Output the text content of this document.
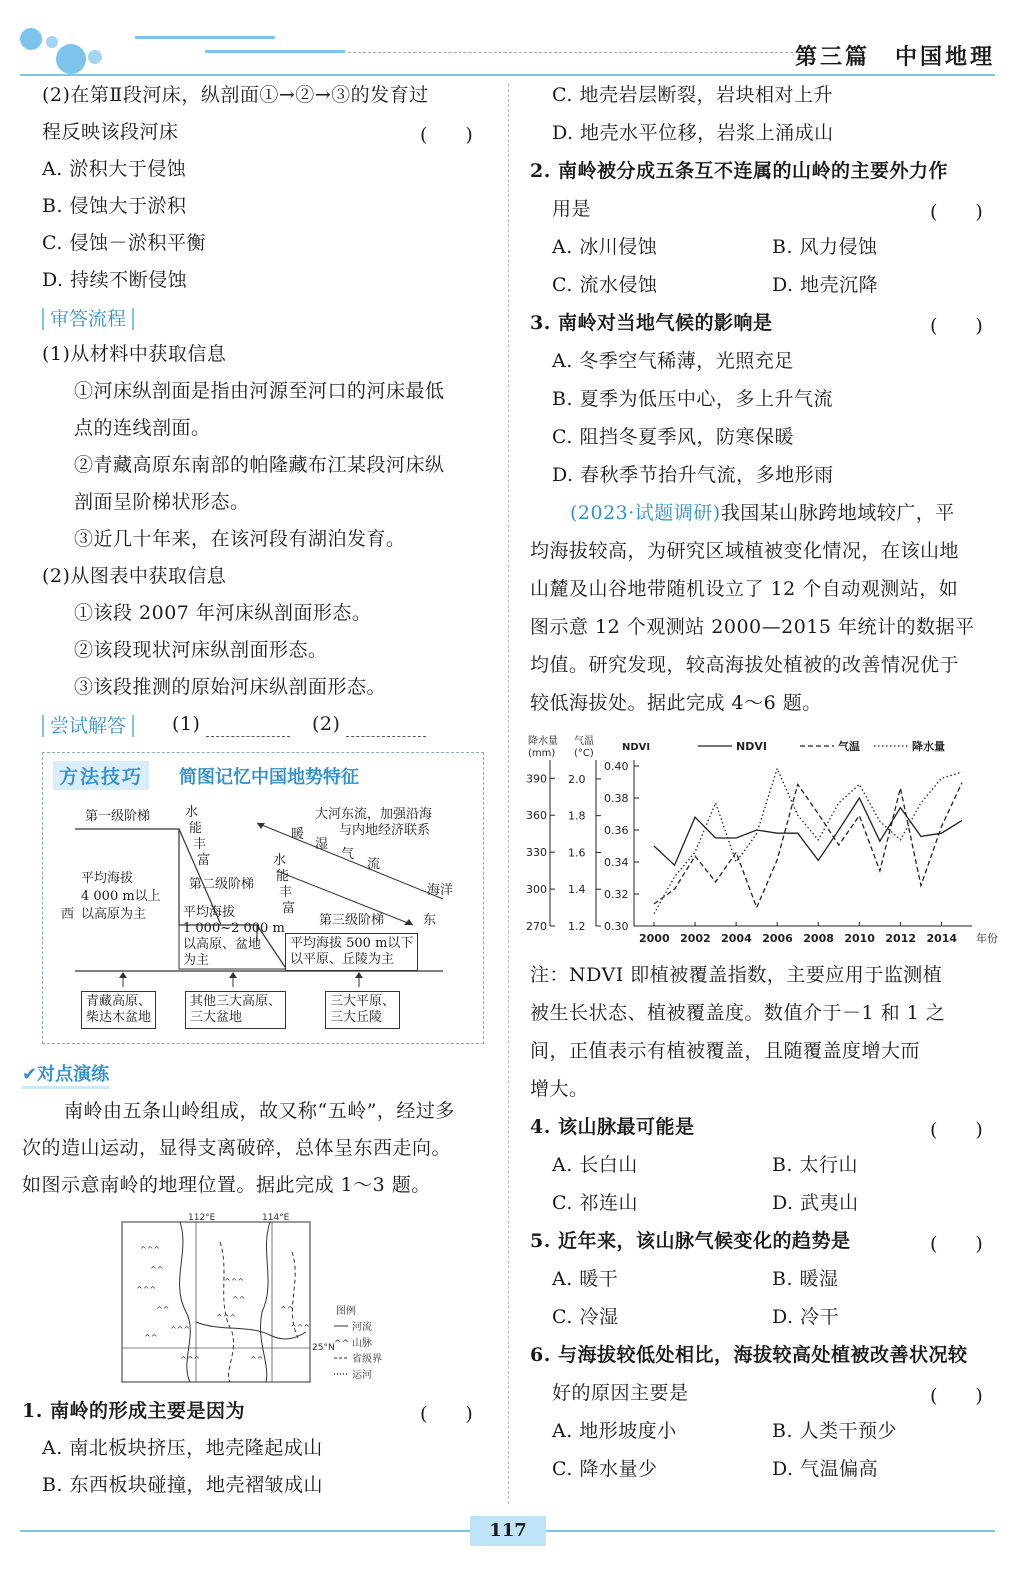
第三篇　中国地理
(2)在第Ⅱ段河床，纵剖面①→②→③的发育过
程反映该段河床	(　　)
A. 淤积大于侵蚀
B. 侵蚀大于淤积
C. 侵蚀－淤积平衡
D. 持续不断侵蚀
审答流程
(1)从材料中获取信息
①河床纵剖面是指由河源至河口的河床最低
点的连线剖面。
②青藏高原东南部的帕隆藏布江某段河床纵
剖面呈阶梯状形态。
③近几十年来，在该河段有湖泊发育。
(2)从图表中获取信息
①该段 2007 年河床纵剖面形态。
②该段现状河床纵剖面形态。
③该段推测的原始河床纵剖面形态。
尝试解答	(1)	(2)
方法技巧	简图记忆中国地势特征
第一级阶梯
平均海拔
4 000 m以上
西 以高原为主
水
能
丰
富
第二级阶梯
平均海拔
1 000~2 000 m
以高原、盆地
为主
水
能
丰
富
大河东流，加强沿海
与内地经济联系
暖
湿
气
流
海洋
第三级阶梯	东
平均海拔 500 m以下
以平原、丘陵为主
青藏高原、
柴达木盆地
其他三大高原、
三大盆地
三大平原、
三大丘陵
✔对点演练
南岭由五条山岭组成，故又称“五岭”，经过多
次的造山运动，显得支离破碎，总体呈东西走向。
如图示意南岭的地理位置。据此完成 1～3 题。
^^^
^^
^^^
^^
^^^
^^
^^^
^^
^^^
^^
^^^
^^
^^^
112°E	114°E
25°N
图例
河流
^^ 山脉
省级界
运河
1. 南岭的形成主要是因为	(　　)
A. 南北板块挤压，地壳隆起成山
B. 东西板块碰撞，地壳褶皱成山
C. 地壳岩层断裂，岩块相对上升
D. 地壳水平位移，岩浆上涌成山
2. 南岭被分成五条互不连属的山岭的主要外力作
用是	(　　)
A. 冰川侵蚀	B. 风力侵蚀
C. 流水侵蚀	D. 地壳沉降
3. 南岭对当地气候的影响是	(　　)
A. 冬季空气稀薄，光照充足
B. 夏季为低压中心，多上升气流
C. 阻挡冬夏季风，防寒保暖
D. 春秋季节抬升气流，多地形雨
(2023·试题调研)我国某山脉跨地域较广，平
均海拔较高，为研究区域植被变化情况，在该山地
山麓及山谷地带随机设立了 12 个自动观测站，如
图示意 12 个观测站 2000—2015 年统计的数据平
均值。研究发现，较高海拔处植被的改善情况优于
较低海拔处。据此完成 4～6 题。
降水量
(mm)
气温
(°C)
NDVI
270
300
330
360
390
1.2
1.4
1.6
1.8
2.0
0.30
0.32
0.34
0.36
0.38
0.40
2000 2002 2004 2006 2008 2010 2012 2014 年份
NDVI	气温	降水量
注：NDVI 即植被覆盖指数，主要应用于监测植
被生长状态、植被覆盖度。数值介于－1 和 1 之
间，正值表示有植被覆盖，且随覆盖度增大而
增大。
4. 该山脉最可能是	(　　)
A. 长白山	B. 太行山
C. 祁连山	D. 武夷山
5. 近年来，该山脉气候变化的趋势是	(　　)
A. 暖干	B. 暖湿
C. 冷湿	D. 冷干
6. 与海拔较低处相比，海拔较高处植被改善状况较
好的原因主要是	(　　)
A. 地形坡度小	B. 人类干预少
C. 降水量少	D. 气温偏高
117
